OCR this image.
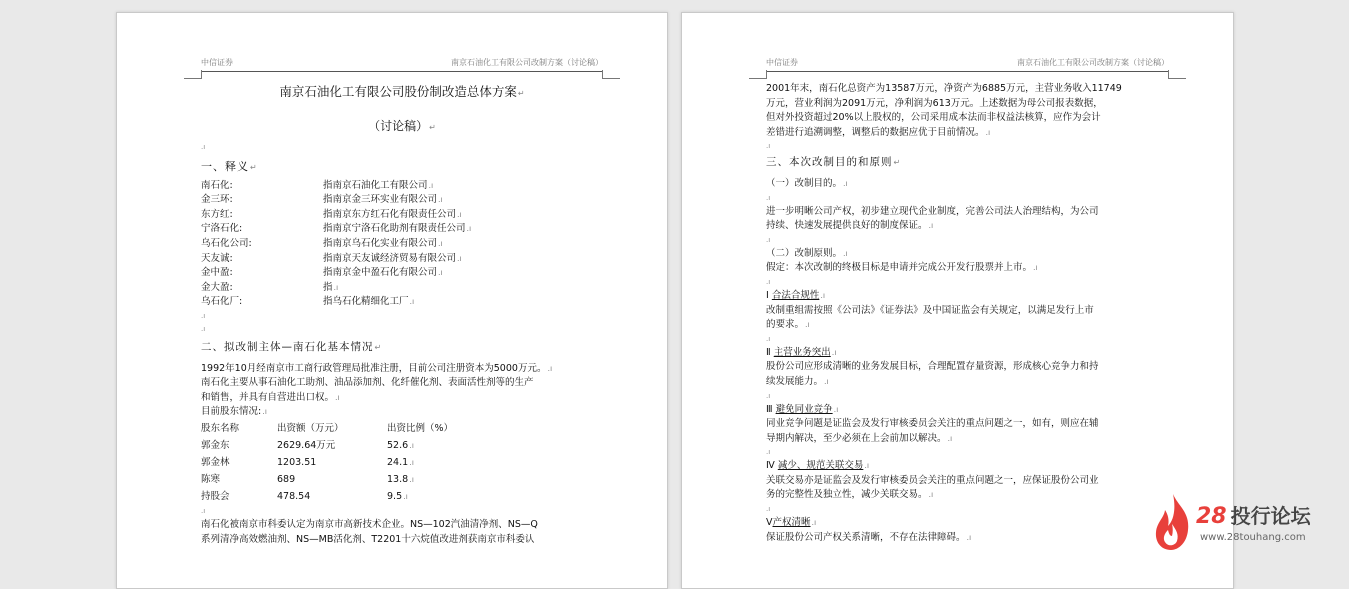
中信证券	南京石油化工有限公司改制方案（讨论稿）
南京石油化工有限公司股份制改造总体方案↵
（讨论稿）↵
.ı
一、释义↵
南石化:	指南京石油化工有限公司.ı
金三环:	指南京金三环实业有限公司.ı
东方红:	指南京东方红石化有限责任公司.ı
宁洛石化:	指南京宁洛石化助剂有限责任公司.ı
乌石化公司:	指南京乌石化实业有限公司.ı
天友诚:	指南京天友诚经济贸易有限公司.ı
金中盈:	指南京金中盈石化有限公司.ı
金大盈:	指.ı
乌石化厂:	指乌石化精细化工厂.ı
.ı
.ı
二、拟改制主体—南石化基本情况↵
1992年10月经南京市工商行政管理局批准注册，目前公司注册资本为5000万元。.ı
南石化主要从事石油化工助剂、油品添加剂、化纤催化剂、表面活性剂等的生产
和销售，并具有自营进出口权。.ı
目前股东情况:.ı
股东名称	出资额（万元）	出资比例（%）
郭金东	2629.64万元	52.6.ı
郭金林	1203.51	24.1.ı
陈寒	689	13.8.ı
持股会	478.54	9.5.ı
.ı
南石化被南京市科委认定为南京市高新技术企业。NS—102汽油清净剂、NS—Q
系列清净高效燃油剂、NS—MB活化剂、T2201十六烷值改进剂获南京市科委认
中信证券	南京石油化工有限公司改制方案（讨论稿）
2001年末，南石化总资产为13587万元，净资产为6885万元，主营业务收入11749
万元，营业利润为2091万元，净利润为613万元。上述数据为母公司报表数据，
但对外投资超过20%以上股权的，公司采用成本法而非权益法核算，应作为会计
差错进行追溯调整，调整后的数据应优于目前情况。.ı
.ı
三、本次改制目的和原则↵
（一）改制目的。.ı
.ı
进一步明晰公司产权，初步建立现代企业制度，完善公司法人治理结构，为公司
持续、快速发展提供良好的制度保证。.ı
.ı
（二）改制原则。.ı
假定：本次改制的终极目标是申请并完成公开发行股票并上市。.ı
.ı
Ⅰ 合法合规性.ı
改制重组需按照《公司法》《证券法》及中国证监会有关规定，以满足发行上市
的要求。.ı
.ı
Ⅱ 主营业务突出.ı
股份公司应形成清晰的业务发展目标，合理配置存量资源，形成核心竞争力和持
续发展能力。.ı
.ı
Ⅲ 避免同业竞争.ı
同业竞争问题是证监会及发行审核委员会关注的重点问题之一，如有，则应在辅
导期内解决，至少必须在上会前加以解决。.ı
.ı
Ⅳ 减少、规范关联交易.ı
关联交易亦是证监会及发行审核委员会关注的重点问题之一，应保证股份公司业
务的完整性及独立性，减少关联交易。.ı
.ı
Ⅴ产权清晰.ı
保证股份公司产权关系清晰，不存在法律障碍。.ı
28 投行论坛
www.28touhang.com
